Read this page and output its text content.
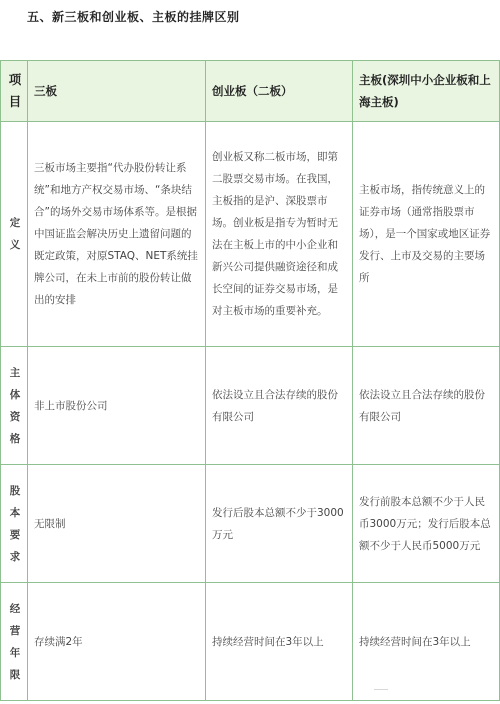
五、新三板和创业板、主板的挂牌区别
项目	三板	创业板（二板）	主板(深圳中小企业板和上海主板)
定义	三板市场主要指“代办股份转让系统”和地方产权交易市场、“条块结合”的场外交易市场体系等。是根据中国证监会解决历史上遗留问题的既定政策，对原STAQ、NET系统挂牌公司，在未上市前的股份转让做出的安排	创业板又称二板市场，即第二股票交易市场。在我国，主板指的是沪、深股票市场。创业板是指专为暂时无法在主板上市的中小企业和新兴公司提供融资途径和成长空间的证券交易市场，是对主板市场的重要补充。	主板市场，指传统意义上的证券市场（通常指股票市场），是一个国家或地区证券发行、上市及交易的主要场所

主体资格	非上市股份公司	依法设立且合法存续的股份有限公司	依法设立且合法存续的股份有限公司

股本要求	无限制	发行后股本总额不少于3000万元	发行前股本总额不少于人民币3000万元；发行后股本总额不少于人民币5000万元

经营年限	存续满2年	持续经营时间在3年以上	持续经营时间在3年以上
